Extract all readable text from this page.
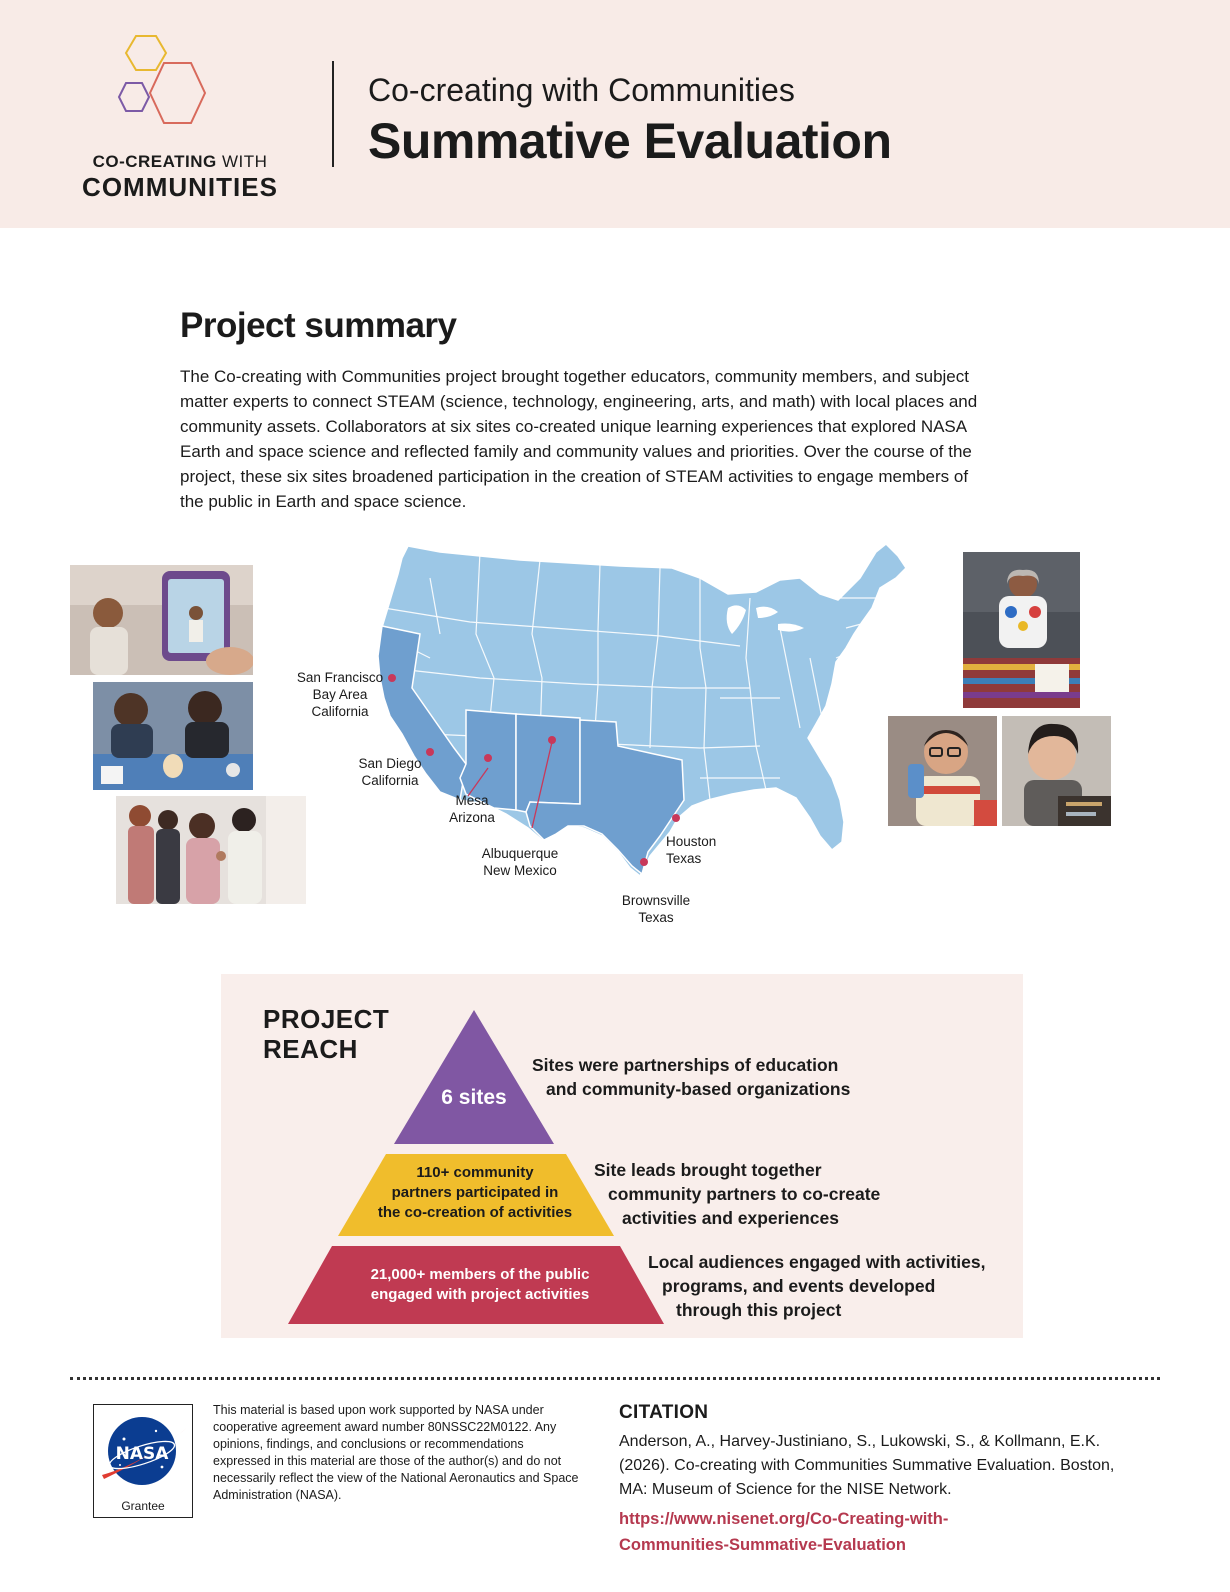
CO-CREATING WITH
COMMUNITIES
Co-creating with Communities
Summative Evaluation
Project summary

The Co-creating with Communities project brought together educators, community members, and subject matter experts to connect STEAM (science, technology, engineering, arts, and math) with local places and community assets. Collaborators at six sites co-created unique learning experiences that explored NASA Earth and space science and reflected family and community values and priorities. Over the course of the project, these six sites broadened participation in the creation of STEAM activities to engage members of the public in Earth and space science.

San Francisco
Bay Area
California
San Diego
California
Mesa
Arizona
Albuquerque
New Mexico
Houston
Texas
Brownsville
Texas
PROJECT
REACH
6 sites
110+ community
partners participated in
the co-creation of activities
21,000+ members of the public
engaged with project activities
Sites were partnerships of education
and community-based organizations
Site leads brought together
community partners to co-create
activities and experiences
Local audiences engaged with activities,
programs, and events developed
through this project
NASA
Grantee

This material is based upon work supported by NASA under cooperative agreement award number 80NSSC22M0122. Any opinions, findings, and conclusions or recommendations expressed in this material are those of the author(s) and do not necessarily reflect the view of the National Aeronautics and Space Administration (NASA).

CITATION

Anderson, A., Harvey-Justiniano, S., Lukowski, S., & Kollmann, E.K. (2026). Co-creating with Communities Summative Evaluation. Boston, MA: Museum of Science for the NISE Network.

https://www.nisenet.org/Co-Creating-with-
Communities-Summative-Evaluation
